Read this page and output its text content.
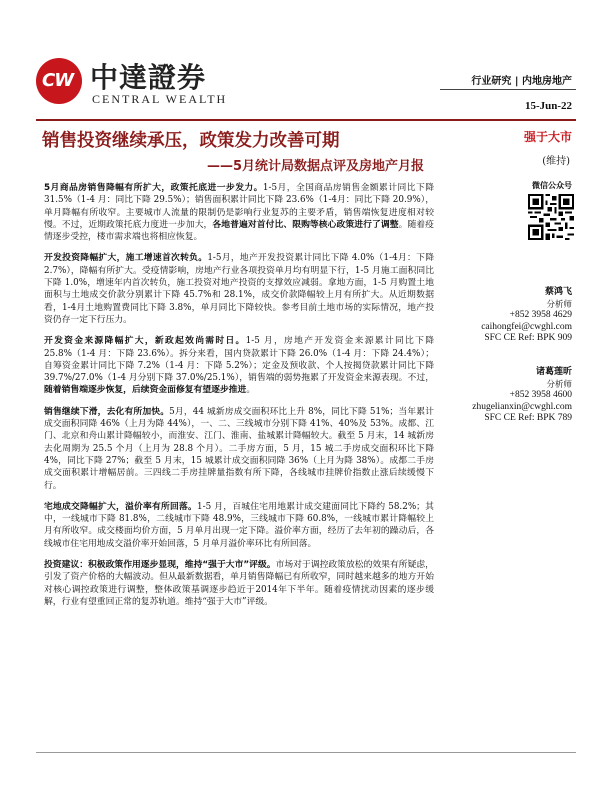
CW 中達證券
CENTRAL WEALTH
行业研究 | 内地房地产
15-Jun-22
销售投资继续承压，政策发力改善可期
——5月统计局数据点评及房地产月报
强于大市
(维持)

5月商品房销售降幅有所扩大，政策托底进一步发力。1-5月，全国商品房销售金额累计同比下降 31.5%（1-4 月：同比下降 29.5%）；销售面积累计同比下降 23.6%（1-4月：同比下降 20.9%），单月降幅有所收窄。主要城市人流量的限制仍是影响行业复苏的主要矛盾，销售端恢复进度相对较慢。不过，近期政策托底力度进一步加大，各地普遍对首付比、限购等核心政策进行了调整。随着疫情逐步受控，楼市需求端也将相应恢复。

开发投资降幅扩大，施工增速首次转负。1-5月，地产开发投资累计同比下降 4.0%（1-4月：下降 2.7%），降幅有所扩大。受疫情影响，房地产行业各项投资单月均有明显下行，1-5 月施工面积同比下降 1.0%，增速年内首次转负，施工投资对地产投资的支撑效应减弱。拿地方面，1-5 月购置土地面积与土地成交价款分别累计下降 45.7%和 28.1%，成交价款降幅较上月有所扩大。从近期数据看，1-4月土地购置费同比下降 3.8%，单月同比下降较快。参考目前土地市场的实际情况，地产投资仍存一定下行压力。

开发资金来源降幅扩大，新政起效尚需时日。1-5 月，房地产开发资金来源累计同比下降 25.8%（1-4 月：下降 23.6%）。拆分来看，国内贷款累计下降 26.0%（1-4 月：下降 24.4%）；自筹资金累计同比下降 7.2%（1-4 月：下降 5.2%）；定金及预收款、个人按揭贷款累计同比下降 39.7%/27.0%（1-4 月分别下降 37.0%/25.1%），销售端的弱势拖累了开发资金来源表现。不过，随着销售端逐步恢复，后续资金面修复有望逐步推进。

销售继续下滑，去化有所加快。5月，44 城新房成交面积环比上升 8%，同比下降 51%；当年累计成交面积同降 46%（上月为降 44%），一、二、三线城市分别下降 41%、40%及 53%。成都、江门、北京和舟山累计降幅较小，而淮安、江门、淮南、盐城累计降幅较大。截至 5 月末，14 城新房去化周期为 25.5 个月（上月为 28.8 个月）。二手房方面，5 月，15 城二手房成交面积环比下降 4%，同比下降 27%；截至 5 月末，15 城累计成交面积同降 36%（上月为降 38%）。成都二手房成交面积累计增幅居前。三四线二手房挂牌量指数有所下降，各线城市挂牌价指数止涨后续缓慢下行。

宅地成交降幅扩大，溢价率有所回落。1-5 月，百城住宅用地累计成交建面同比下降约 58.2%；其中，一线城市下降 81.8%，二线城市下降 48.9%，三线城市下降 60.8%，一线城市累计降幅较上月有所收窄。成交楼面均价方面，5 月单月出现一定下降。溢价率方面，经历了去年初的躁动后，各线城市住宅用地成交溢价率开始回落，5 月单月溢价率环比有所回落。

投资建议：积极政策作用逐步显现，维持“强于大市”评级。市场对于调控政策放松的效果有所疑虑，引发了资产价格的大幅波动。但从最新数据看，单月销售降幅已有所收窄，同时越来越多的地方开始对核心调控政策进行调整，整体政策基调逐步趋近于2014年下半年。随着疫情扰动因素的逐步缓解，行业有望重回正常的复苏轨道。维持“强于大市”评级。

微信公众号
蔡鸿飞
分析师
+852 3958 4629
caihongfei@cwghl.com
SFC CE Ref: BPK 909
诸葛莲昕
分析师
+852 3958 4600
zhugelianxin@cwghl.com
SFC CE Ref: BPK 789
